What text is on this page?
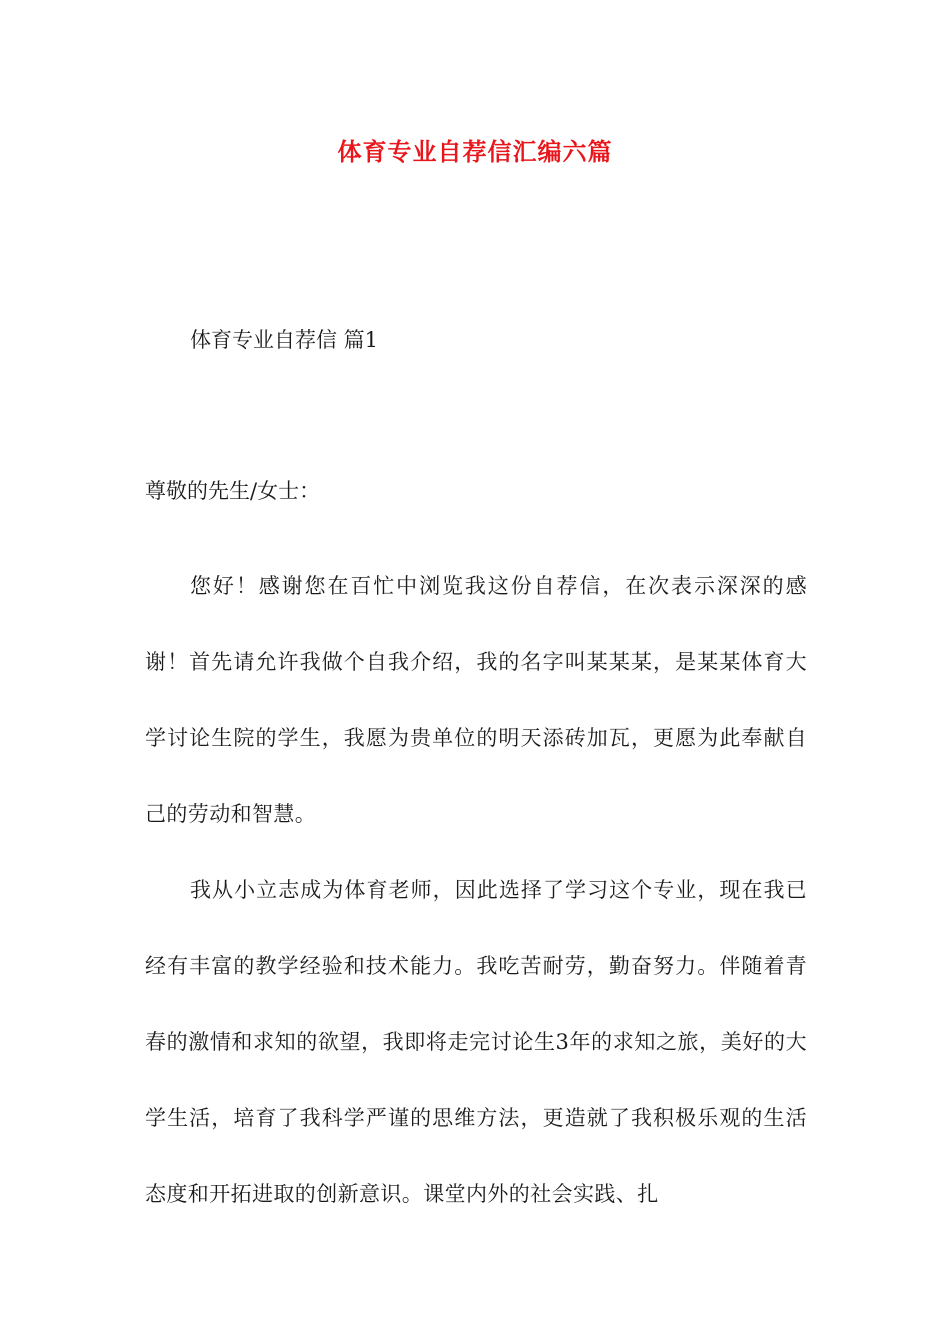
体育专业自荐信汇编六篇
体育专业自荐信 篇1

尊敬的先生/女士：

您好！感谢您在百忙中浏览我这份自荐信，在次表示深深的感谢！首先请允许我做个自我介绍，我的名字叫某某某，是某某体育大学讨论生院的学生，我愿为贵单位的明天添砖加瓦，更愿为此奉献自己的劳动和智慧。

我从小立志成为体育老师，因此选择了学习这个专业，现在我已经有丰富的教学经验和技术能力。我吃苦耐劳，勤奋努力。伴随着青春的激情和求知的欲望，我即将走完讨论生3年的求知之旅，美好的大学生活，培育了我科学严谨的思维方法，更造就了我积极乐观的生活态度和开拓进取的创新意识。课堂内外的社会实践、扎
